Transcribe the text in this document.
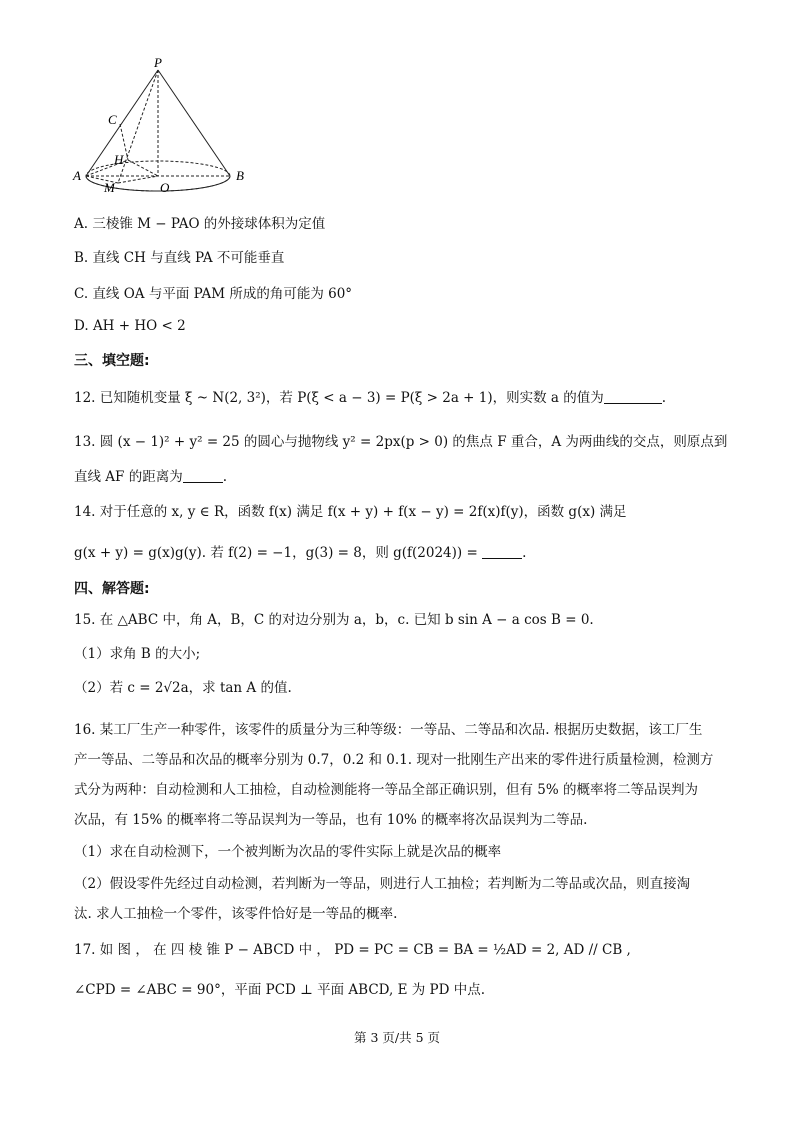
P
C
H
A
M	O
B
A. 三棱锥 M − PAO 的外接球体积为定值
B. 直线 CH 与直线 PA 不可能垂直
C. 直线 OA 与平面 PAM 所成的角可能为 60°
D. AH + HO < 2
三、填空题:
12. 已知随机变量 ξ ~ N(2, 3²)，若 P(ξ < a − 3) = P(ξ > 2a + 1)，则实数 a 的值为	.
13. 圆 (x − 1)² + y² = 25 的圆心与抛物线 y² = 2px(p > 0) 的焦点 F 重合，A 为两曲线的交点，则原点到
直线 AF 的距离为	.
14. 对于任意的 x, y ∈ R，函数 f(x) 满足 f(x + y) + f(x − y) = 2f(x)f(y)，函数 g(x) 满足
g(x + y) = g(x)g(y). 若 f(2) = −1，g(3) = 8，则 g(f(2024)) =	.
四、解答题:
15. 在 △ABC 中，角 A，B，C 的对边分别为 a，b，c. 已知 b sin A − a cos B = 0.
（1）求角 B 的大小;
（2）若 c = 2√2a，求 tan A 的值.
16. 某工厂生产一种零件，该零件的质量分为三种等级：一等品、二等品和次品. 根据历史数据，该工厂生
产一等品、二等品和次品的概率分别为 0.7，0.2 和 0.1. 现对一批刚生产出来的零件进行质量检测，检测方
式分为两种：自动检测和人工抽检，自动检测能将一等品全部正确识别，但有 5% 的概率将二等品误判为
次品，有 15% 的概率将二等品误判为一等品，也有 10% 的概率将次品误判为二等品.
（1）求在自动检测下，一个被判断为次品的零件实际上就是次品的概率
（2）假设零件先经过自动检测，若判断为一等品，则进行人工抽检；若判断为二等品或次品，则直接淘
汰. 求人工抽检一个零件，该零件恰好是一等品的概率.
17. 如 图 ， 在 四 棱 锥 P − ABCD 中 ， PD = PC = CB = BA = ½AD = 2, AD // CB ,
∠CPD = ∠ABC = 90°，平面 PCD ⊥ 平面 ABCD, E 为 PD 中点.
第 3 页/共 5 页
